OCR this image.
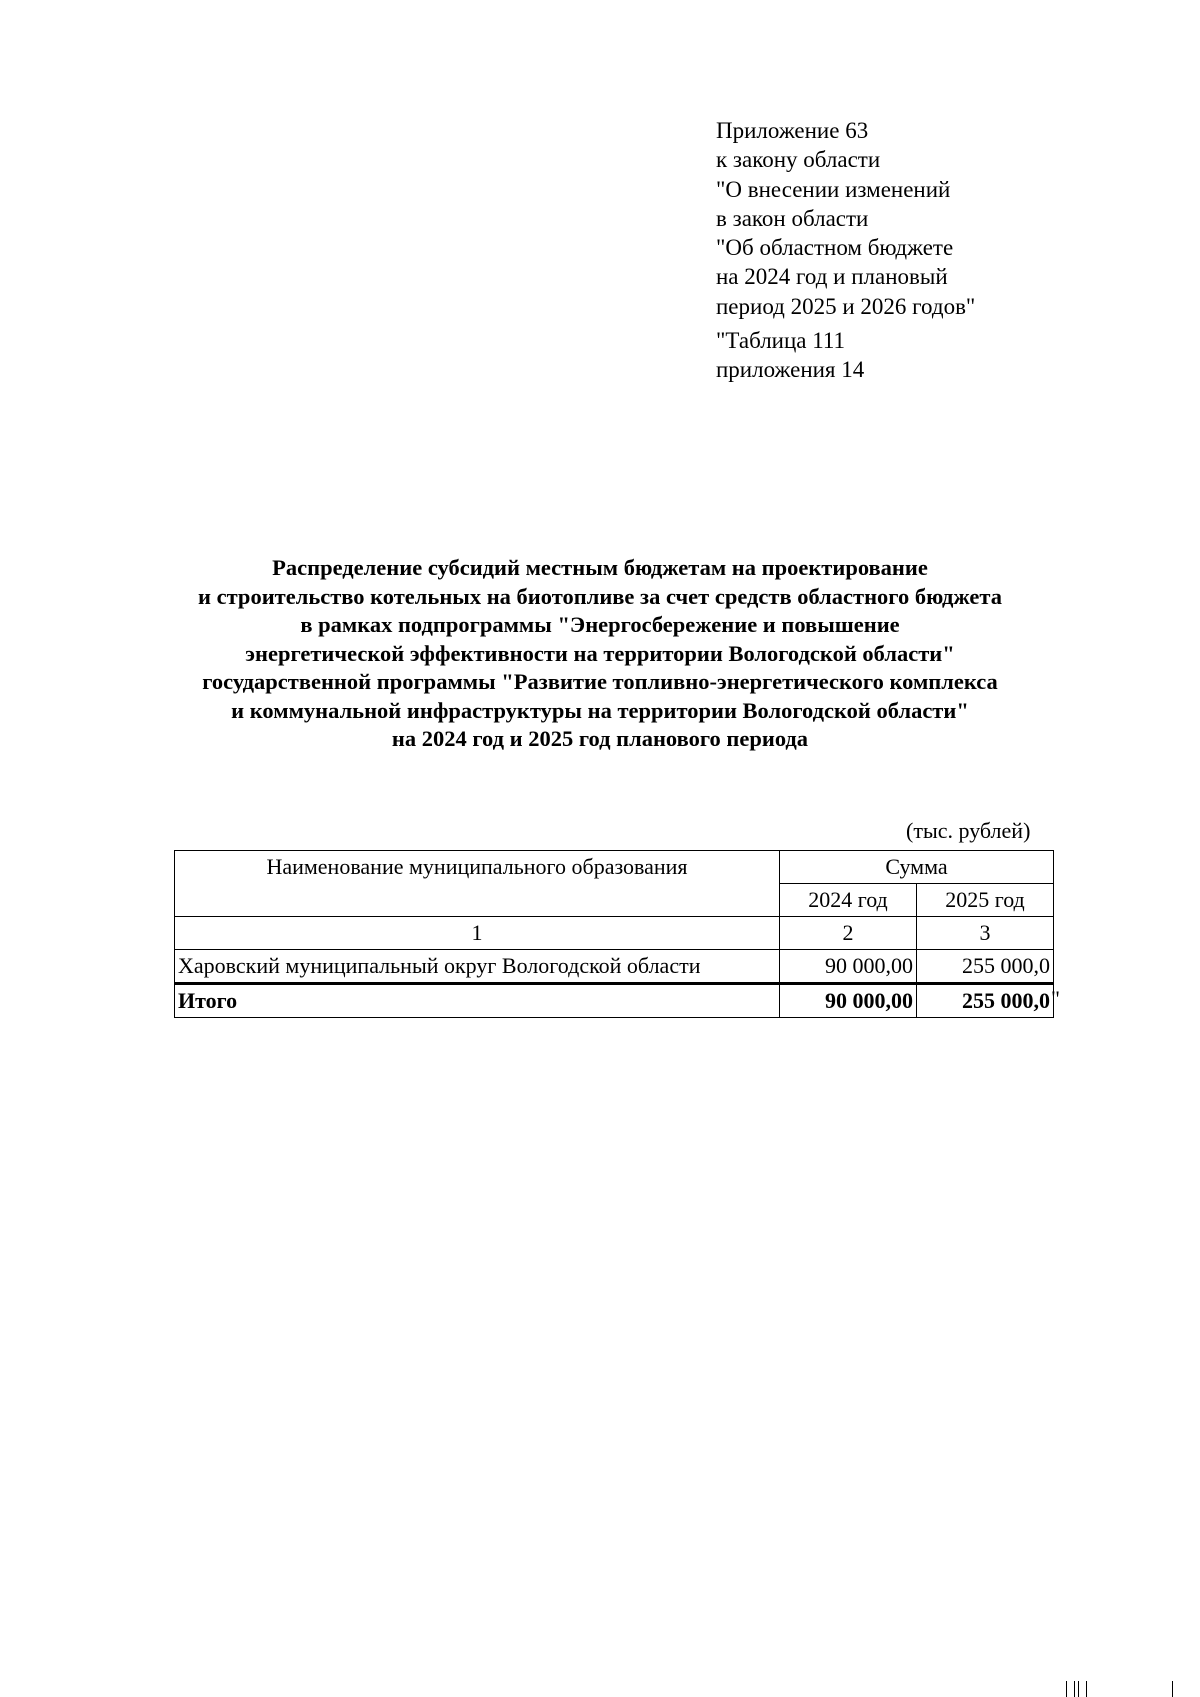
Приложение 63
к закону области
"О внесении изменений
в закон области
"Об областном бюджете
на 2024 год и плановый
период 2025 и 2026 годов"
"Таблица 111
приложения 14
Распределение субсидий местным бюджетам на проектирование
и строительство котельных на биотопливе за счет средств областного бюджета
в рамках подпрограммы "Энергосбережение и повышение
энергетической эффективности на территории Вологодской области"
государственной программы "Развитие топливно-энергетического комплекса
и коммунальной инфраструктуры на территории Вологодской области"
на 2024 год и 2025 год планового периода
(тыс. рублей)
Наименование муниципального образования	Сумма	
	2024 год	2025 год
1	2	3
Харовский муниципальный округ Вологодской области	90 000,00	255 000,0
Итого	90 000,00	255 000,0 "
